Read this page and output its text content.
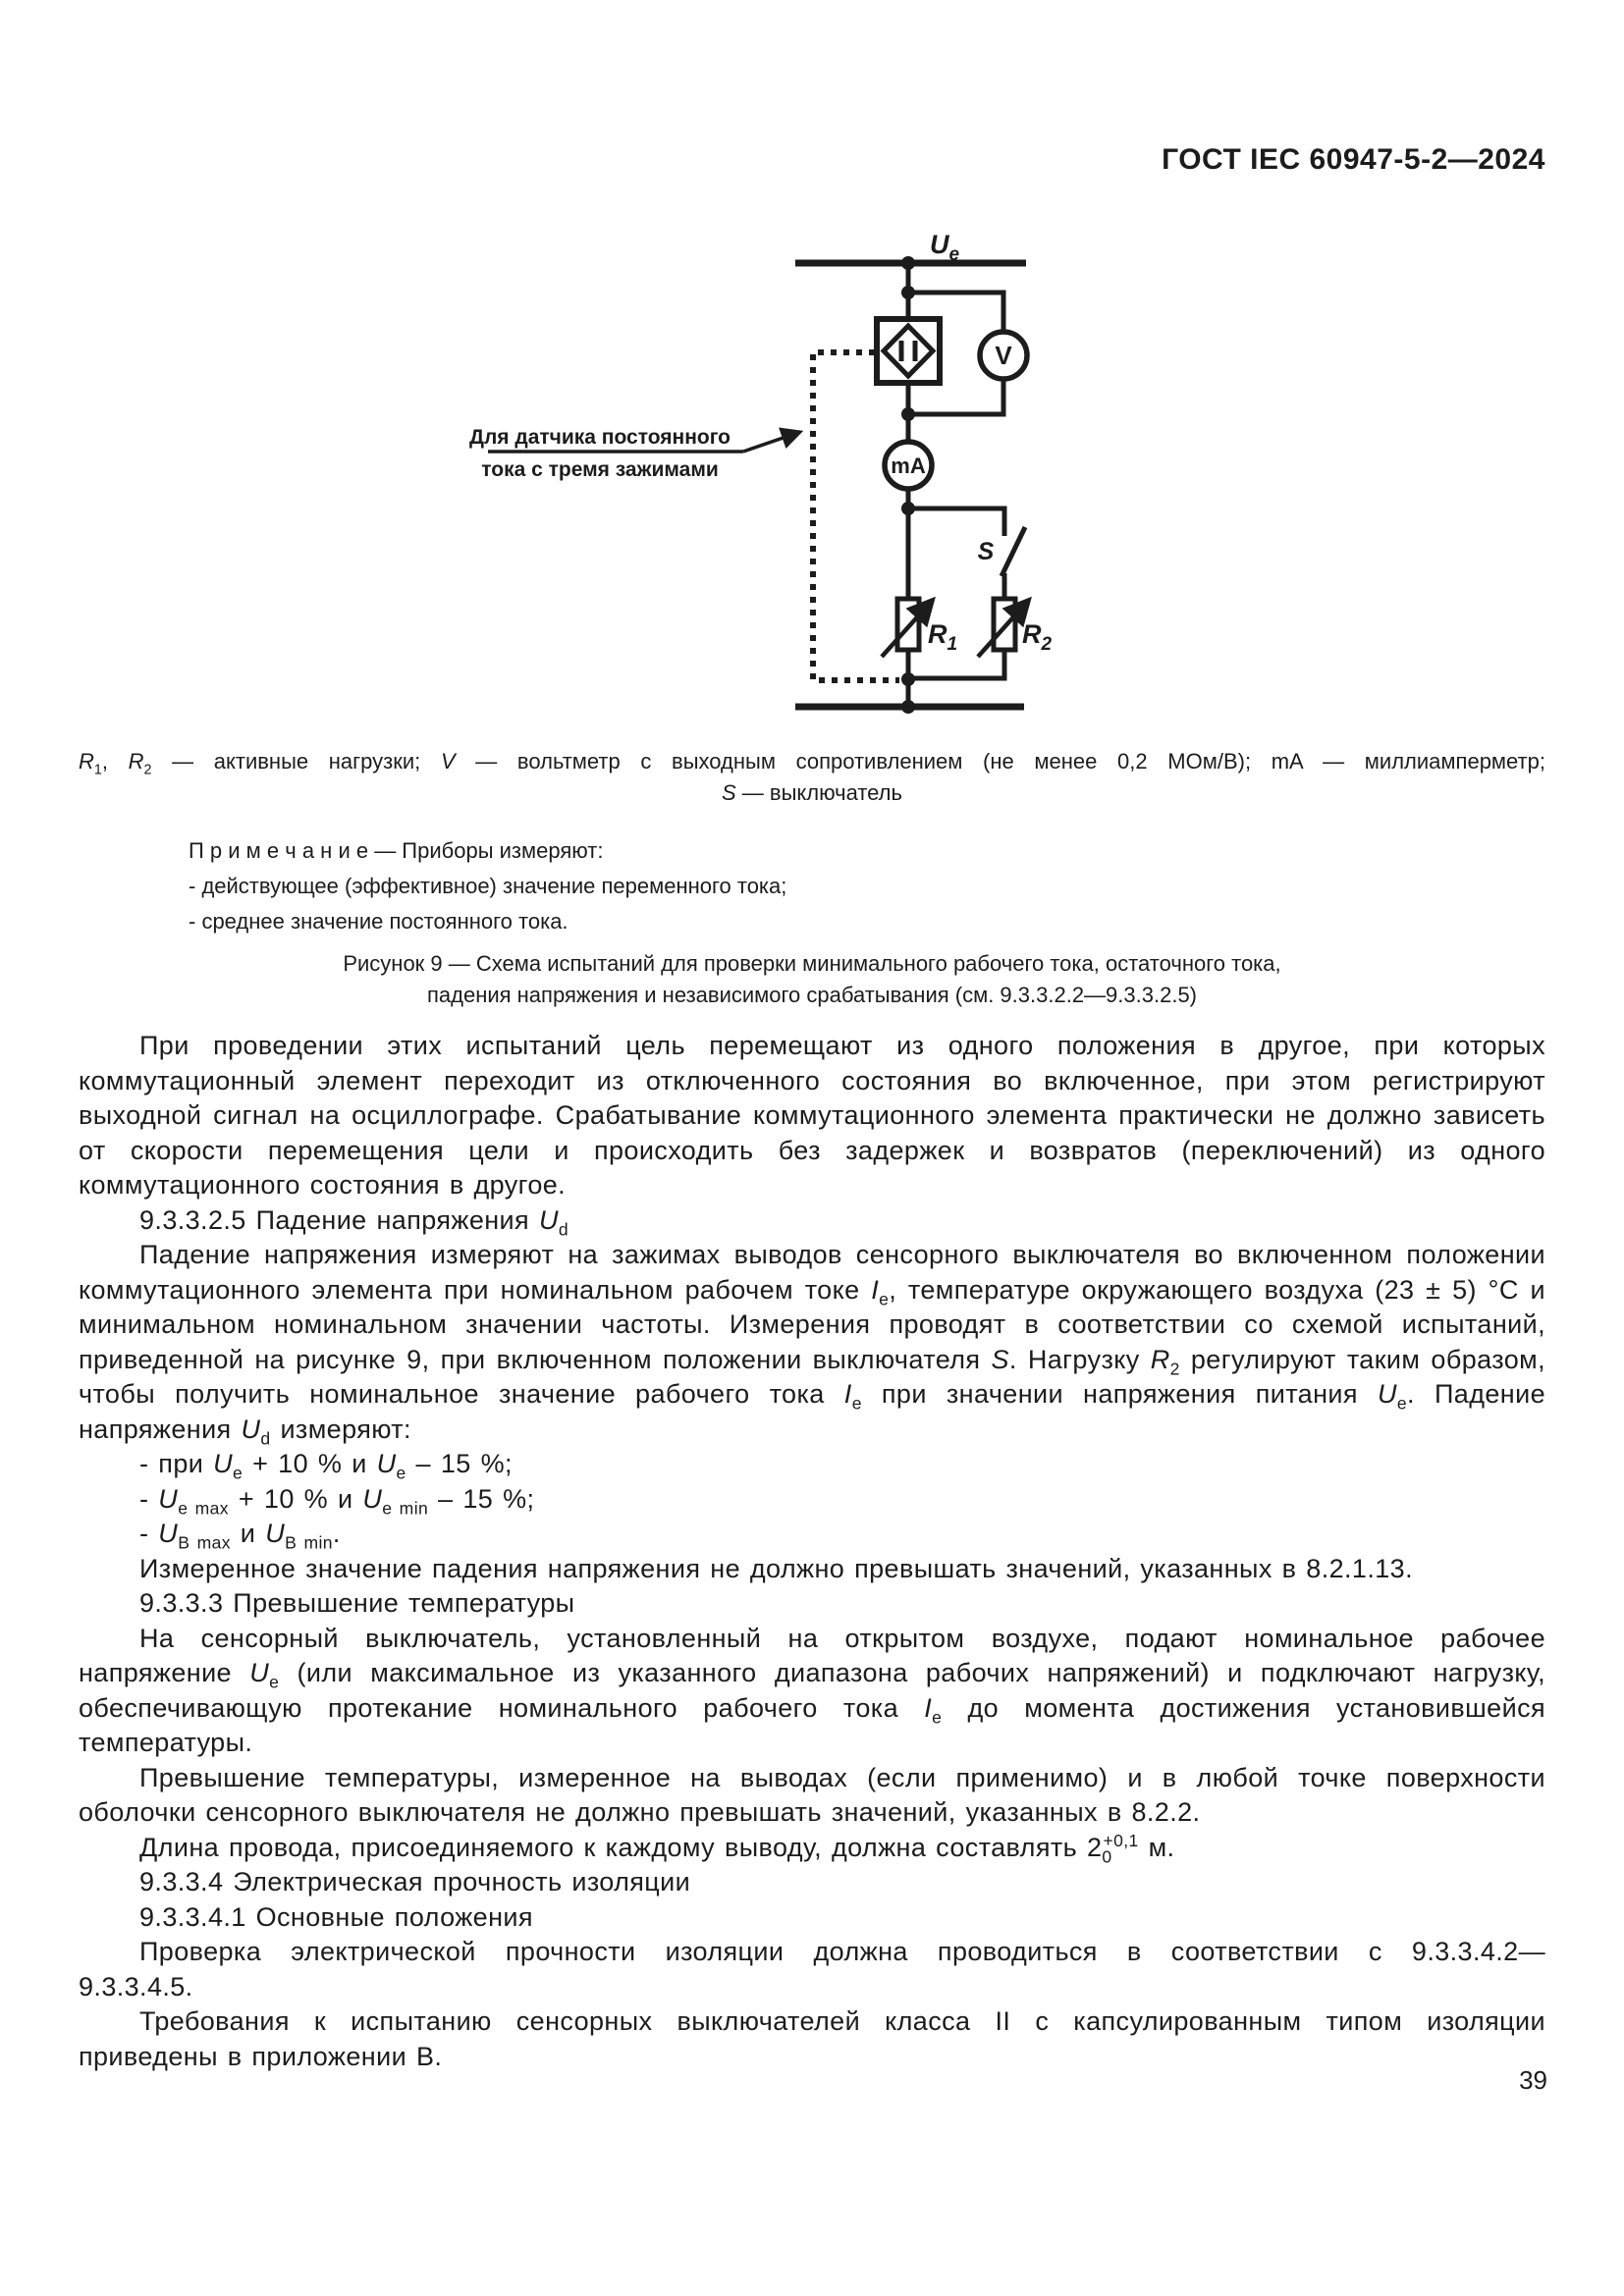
ГОСТ IEC 60947-5-2—2024
V
mA
S
$R_1$ $R_2$
$U_e$
Для датчика постоянного
тока с тремя зажимами
$R_1$, $R_2$ — активные нагрузки; V — вольтметр с выходным сопротивлением (не менее 0,2 МОм/В); mA — миллиамперметр;
S — выключатель
П р и м е ч а н и е — Приборы измеряют:
- действующее (эффективное) значение переменного тока;
- среднее значение постоянного тока.
Рисунок 9 — Схема испытаний для проверки минимального рабочего тока, остаточного тока,
падения напряжения и независимого срабатывания (см. 9.3.3.2.2—9.3.3.2.5)

При проведении этих испытаний цель перемещают из одного положения в другое, при которых коммутационный элемент переходит из отключенного состояния во включенное, при этом регистрируют выходной сигнал на осциллографе. Срабатывание коммутационного элемента практически не должно зависеть от скорости перемещения цели и происходить без задержек и возвратов (переключений) из одного коммутационного состояния в другое.

9.3.3.2.5 Падение напряжения $U_d$

Падение напряжения измеряют на зажимах выводов сенсорного выключателя во включенном положении коммутационного элемента при номинальном рабочем токе $I_e$, температуре окружающего воздуха (23 ± 5) °С и минимальном номинальном значении частоты. Измерения проводят в соответствии со схемой испытаний, приведенной на рисунке 9, при включенном положении выключателя S. Нагрузку $R_2$ регулируют таким образом, чтобы получить номинальное значение рабочего тока $I_e$ при значении напряжения питания $U_e$. Падение напряжения $U_d$ измеряют:

- при $U_e + 10$ % и $U_e - 15$ %;

- $U_{e max} + 10$ % и $U_{e min} - 15$ %;

- $U_{B max}$ и $U_{B min}$.

Измеренное значение падения напряжения не должно превышать значений, указанных в 8.2.1.13.

9.3.3.3 Превышение температуры

На сенсорный выключатель, установленный на открытом воздухе, подают номинальное рабочее напряжение $U_e$ (или максимальное из указанного диапазона рабочих напряжений) и подключают нагрузку, обеспечивающую протекание номинального рабочего тока $I_e$ до момента достижения установившейся температуры.

Превышение температуры, измеренное на выводах (если применимо) и в любой точке поверхности оболочки сенсорного выключателя не должно превышать значений, указанных в 8.2.2.

Длина провода, присоединяемого к каждому выводу, должна составлять $2_0^{+0,1}$ м.

9.3.3.4 Электрическая прочность изоляции

9.3.3.4.1 Основные положения

Проверка электрической прочности изоляции должна проводиться в соответствии с 9.3.3.4.2—
9.3.3.4.5.

Требования к испытанию сенсорных выключателей класса II с капсулированным типом изоляции приведены в приложении В.

39
